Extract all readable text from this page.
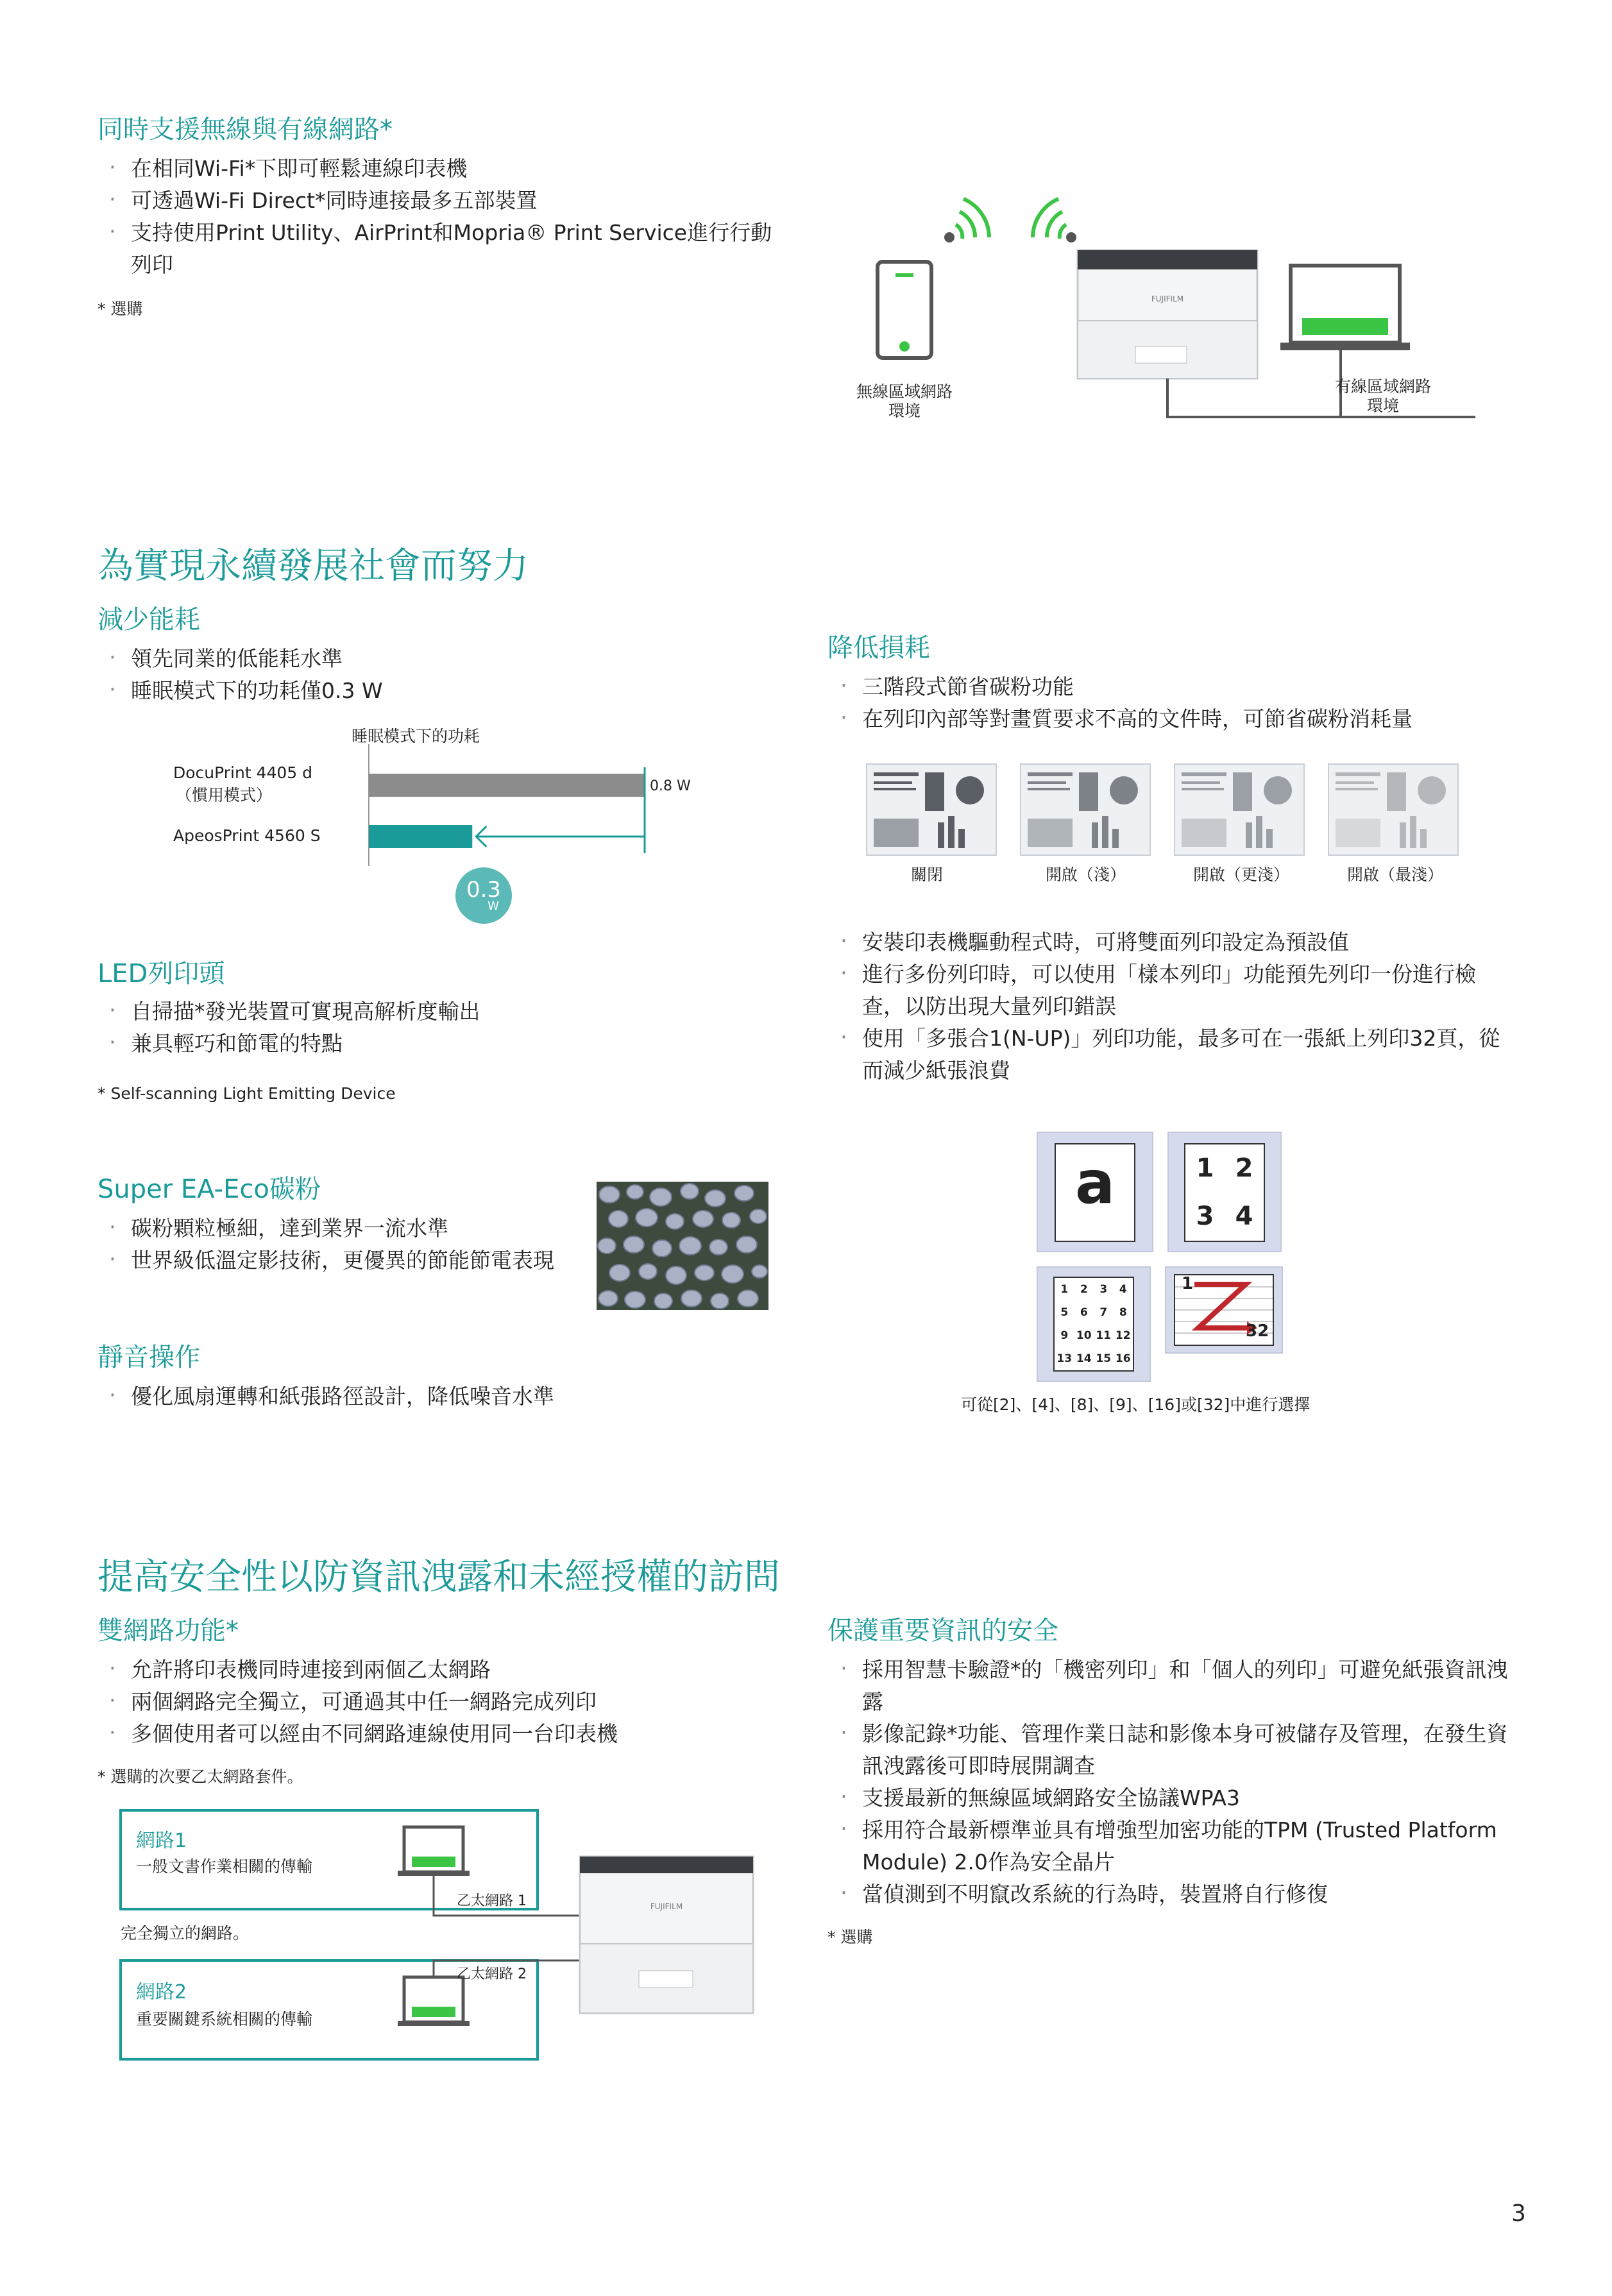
同時支援無線與有線網路*
· 在相同Wi-Fi*下即可輕鬆連線印表機
· 可透過Wi-Fi Direct*同時連接最多五部裝置
· 支持使用Print Utility、AirPrint和Mopria® Print Service進行行動列印
* 選購
FUJIFILM
無線區域網路環境
有線區域網路環境
為實現永續發展社會而努力
減少能耗
· 領先同業的低能耗水準
· 睡眠模式下的功耗僅0.3 W
睡眠模式下的功耗
DocuPrint 4405 d
（慣用模式）
ApeosPrint 4560 S
0.8 W
0.3
W
降低損耗
· 三階段式節省碳粉功能
· 在列印內部等對畫質要求不高的文件時，可節省碳粉消耗量
關閉	開啟（淺）	開啟（更淺）	開啟（最淺）
· 安裝印表機驅動程式時，可將雙面列印設定為預設值
· 進行多份列印時，可以使用「樣本列印」功能預先列印一份進行檢查，以防出現大量列印錯誤
· 使用「多張合1(N-UP)」列印功能，最多可在一張紙上列印32頁，從而減少紙張浪費
a	1 2
3 4
1	2	3	4
5	6	7	8
9 10 11 12
13 14 15 16
1
32
可從[2]、[4]、[8]、[9]、[16]或[32]中進行選擇
LED列印頭
· 自掃描*發光裝置可實現高解析度輸出
· 兼具輕巧和節電的特點
* Self-scanning Light Emitting Device
Super EA-Eco碳粉
· 碳粉顆粒極細，達到業界一流水準
· 世界級低溫定影技術，更優異的節能節電表現
靜音操作
· 優化風扇運轉和紙張路徑設計，降低噪音水準
提高安全性以防資訊洩露和未經授權的訪問
雙網路功能*
· 允許將印表機同時連接到兩個乙太網路
· 兩個網路完全獨立，可通過其中任一網路完成列印
· 多個使用者可以經由不同網路連線使用同一台印表機
* 選購的次要乙太網路套件。
網路1
一般文書作業相關的傳輸
完全獨立的網路。
網路2
重要關鍵系統相關的傳輸
FUJIFILM
乙太網路 1
乙太網路 2
保護重要資訊的安全
· 採用智慧卡驗證*的「機密列印」和「個人的列印」可避免紙張資訊洩露
· 影像記錄*功能、管理作業日誌和影像本身可被儲存及管理，在發生資訊洩露後可即時展開調查
· 支援最新的無線區域網路安全協議WPA3
· 採用符合最新標準並具有增強型加密功能的TPM (Trusted Platform Module) 2.0作為安全晶片
· 當偵測到不明竄改系統的行為時，裝置將自行修復
* 選購
3
